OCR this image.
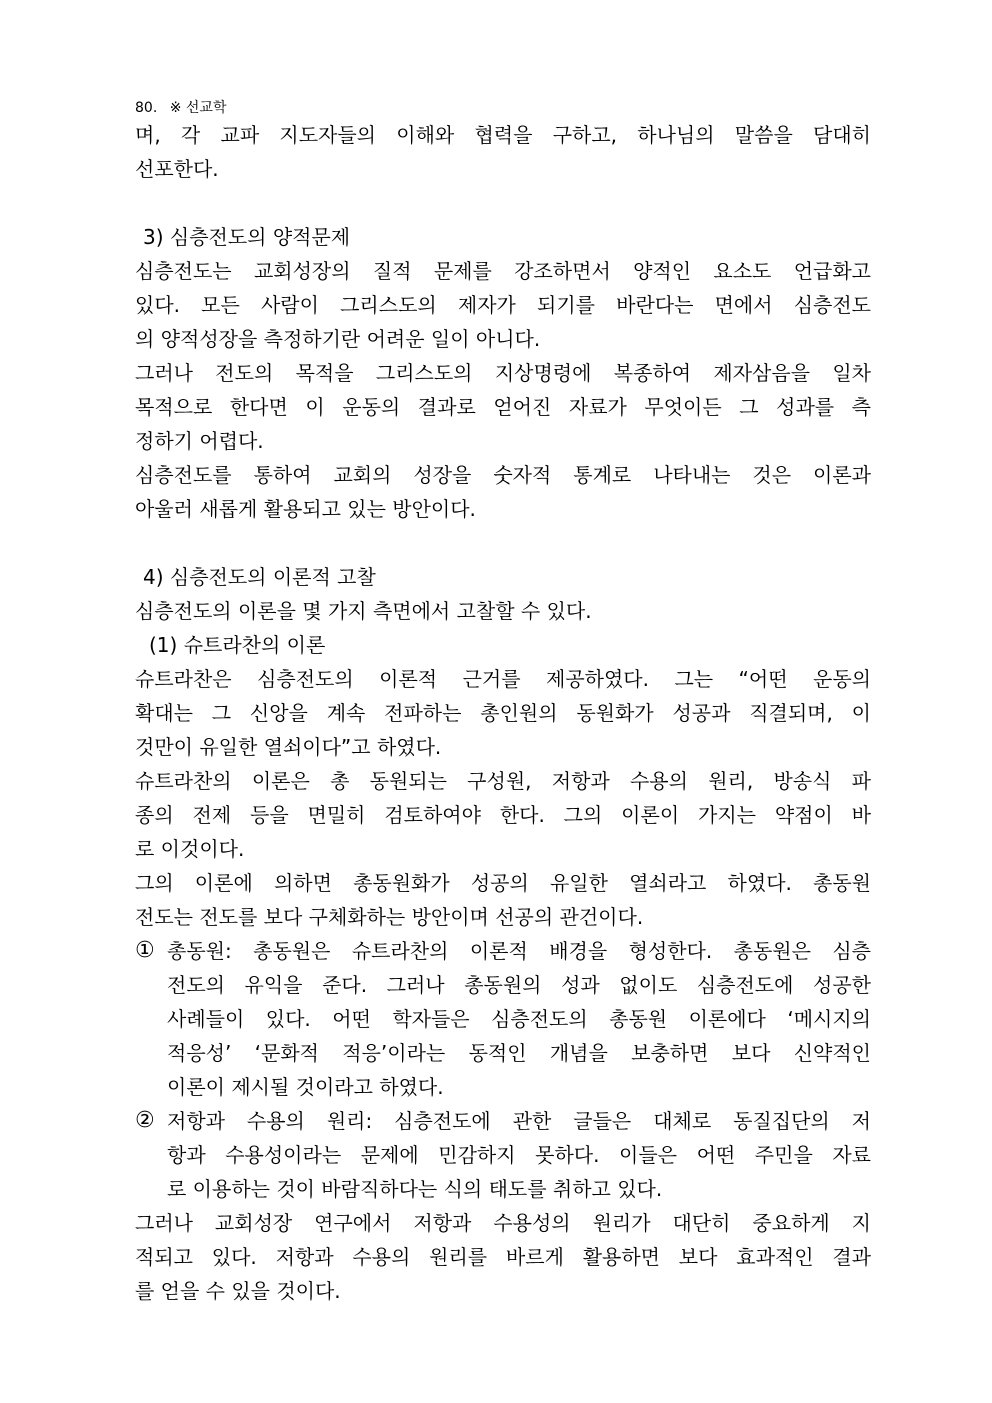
80. ※ 선교학
며, 각 교파 지도자들의 이해와 협력을 구하고, 하나님의 말씀을 담대히
선포한다.
3) 심층전도의 양적문제
심층전도는 교회성장의 질적 문제를 강조하면서 양적인 요소도 언급화고
있다. 모든 사람이 그리스도의 제자가 되기를 바란다는 면에서 심층전도
의 양적성장을 측정하기란 어려운 일이 아니다.
그러나 전도의 목적을 그리스도의 지상명령에 복종하여 제자삼음을 일차
목적으로 한다면 이 운동의 결과로 얻어진 자료가 무엇이든 그 성과를 측
정하기 어렵다.
심층전도를 통하여 교회의 성장을 숫자적 통계로 나타내는 것은 이론과
아울러 새롭게 활용되고 있는 방안이다.
4) 심층전도의 이론적 고찰
심층전도의 이론을 몇 가지 측면에서 고찰할 수 있다.
(1) 슈트라찬의 이론
슈트라찬은 심층전도의 이론적 근거를 제공하였다. 그는 “어떤 운동의
확대는 그 신앙을 계속 전파하는 총인원의 동원화가 성공과 직결되며, 이
것만이 유일한 열쇠이다”고 하였다.
슈트라찬의 이론은 총 동원되는 구성원, 저항과 수용의 원리, 방송식 파
종의 전제 등을 면밀히 검토하여야 한다. 그의 이론이 가지는 약점이 바
로 이것이다.
그의 이론에 의하면 총동원화가 성공의 유일한 열쇠라고 하였다. 총동원
전도는 전도를 보다 구체화하는 방안이며 선공의 관건이다.
① 총동원: 총동원은 슈트라찬의 이론적 배경을 형성한다. 총동원은 심층
전도의 유익을 준다. 그러나 총동원의 성과 없이도 심층전도에 성공한
사례들이 있다. 어떤 학자들은 심층전도의 총동원 이론에다 ‘메시지의
적응성’ ‘문화적 적응’이라는 동적인 개념을 보충하면 보다 신약적인
이론이 제시될 것이라고 하였다.
② 저항과 수용의 원리: 심층전도에 관한 글들은 대체로 동질집단의 저
항과 수용성이라는 문제에 민감하지 못하다. 이들은 어떤 주민을 자료
로 이용하는 것이 바람직하다는 식의 태도를 취하고 있다.
그러나 교회성장 연구에서 저항과 수용성의 원리가 대단히 중요하게 지
적되고 있다. 저항과 수용의 원리를 바르게 활용하면 보다 효과적인 결과
를 얻을 수 있을 것이다.
